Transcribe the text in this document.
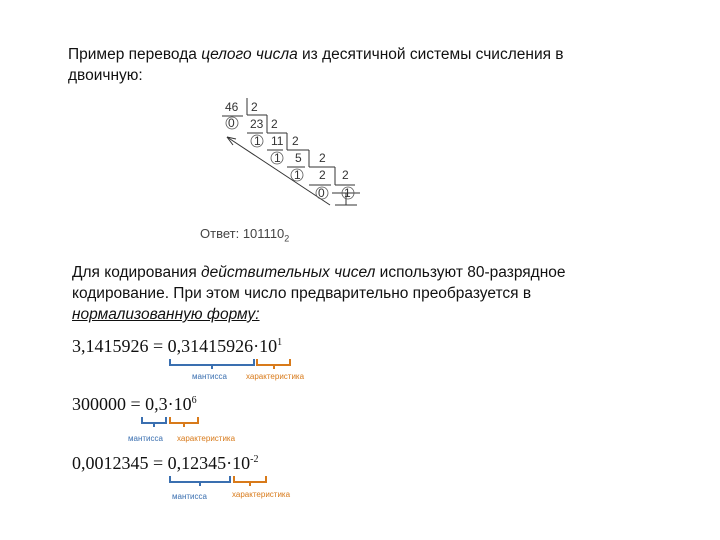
Пример перевода целого числа из десятичной системы счисления в двоичную:
46 2
0 23 2
1 11 2
1 5 2
1 2 2
0 1
Ответ: $101110_2$
Для кодирования действительных чисел используют 80-разрядное кодирование. При этом число предварительно преобразуется в нормализованную форму:
$3,1415926 = 0,31415926\cdot 10^1$
мантисса характеристика
$300000 = 0,3\cdot 10^6$
мантисса характеристика
$0,0012345 = 0,12345\cdot 10^{-2}$
мантисса	характеристика
